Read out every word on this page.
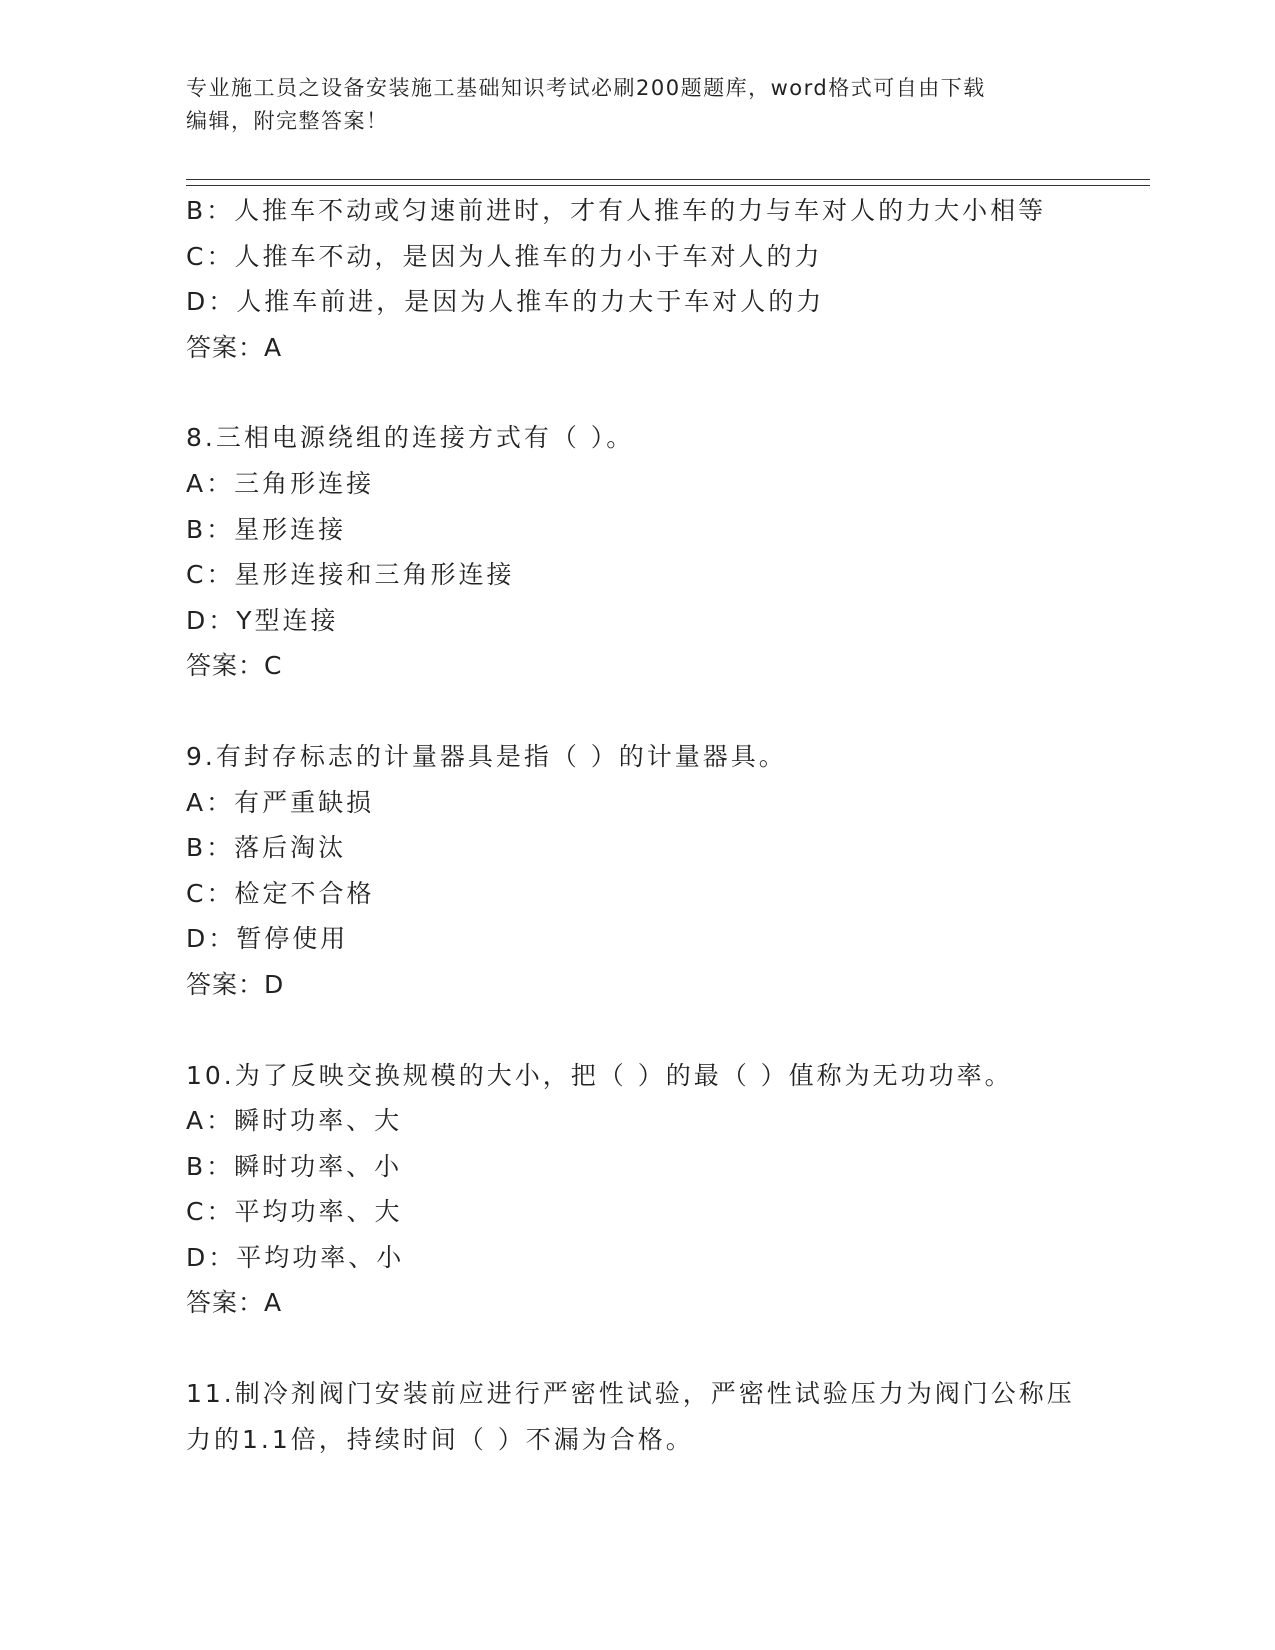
专业施工员之设备安装施工基础知识考试必刷200题题库，word格式可自由下载
编辑，附完整答案！
B：人推车不动或匀速前进时，才有人推车的力与车对人的力大小相等
C：人推车不动，是因为人推车的力小于车对人的力
D：人推车前进，是因为人推车的力大于车对人的力
答案：A
8.三相电源绕组的连接方式有（ ）。
A：三角形连接
B：星形连接
C：星形连接和三角形连接
D：Y型连接
答案：C
9.有封存标志的计量器具是指（ ）的计量器具。
A：有严重缺损
B：落后淘汰
C：检定不合格
D：暂停使用
答案：D
10.为了反映交换规模的大小，把（ ）的最（ ）值称为无功功率。
A：瞬时功率、大
B：瞬时功率、小
C：平均功率、大
D：平均功率、小
答案：A
11.制冷剂阀门安装前应进行严密性试验，严密性试验压力为阀门公称压力的1.1倍，持续时间（ ）不漏为合格。
